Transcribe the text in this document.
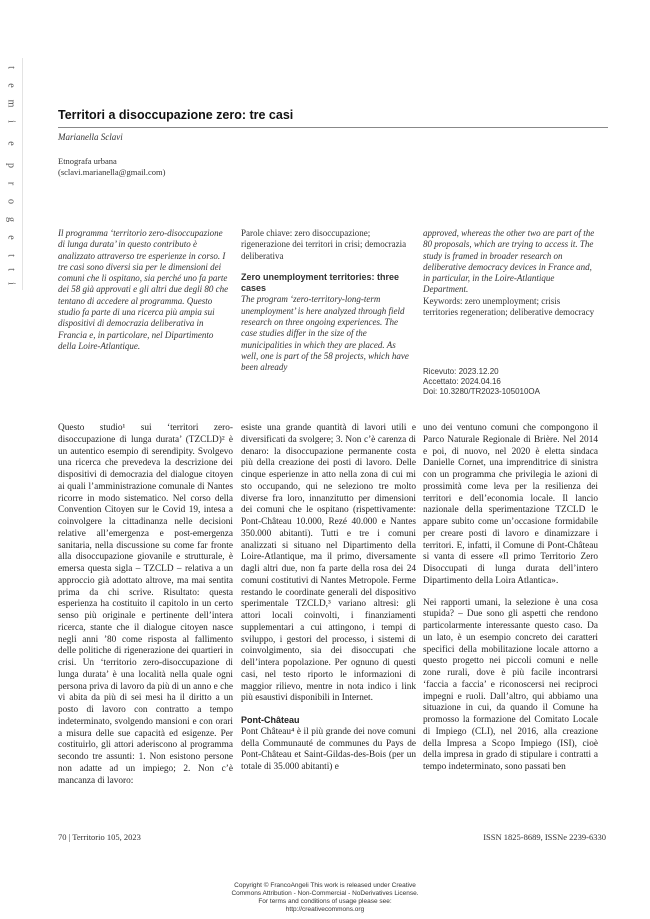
t
e
m
i
e
p
r
o
g
e
t
t
i
Territori a disoccupazione zero: tre casi
Marianella Sclavi
Etnografa urbana
(sclavi.marianella@gmail.com)
Il programma ‘territorio zero-disoccupazione di lunga durata’ in questo contributo è analizzato attraverso tre esperienze in corso. I tre casi sono diversi sia per le dimensioni dei comuni che li ospitano, sia perché uno fa parte dei 58 già approvati e gli altri due degli 80 che tentano di accedere al programma. Questo studio fa parte di una ricerca più ampia sui dispositivi di democrazia deliberativa in Francia e, in particolare, nel Dipartimento della Loire-Atlantique.
Parole chiave: zero disoccupazione; rigenerazione dei territori in crisi; democrazia deliberativa
Zero unemployment territories: three cases
The program ‘zero-territory-long-term unemployment’ is here analyzed through field research on three ongoing experiences. The case studies differ in the size of the municipalities in which they are placed. As well, one is part of the 58 projects, which have been already
approved, whereas the other two are part of the 80 proposals, which are trying to access it. The study is framed in broader research on deliberative democracy devices in France and, in particular, in the Loire-Atlantique Department.
Keywords: zero unemployment; crisis territories regeneration; deliberative democracy
Ricevuto: 2023.12.20
Accettato: 2024.04.16
Doi: 10.3280/TR2023-105010OA
Questo studio¹ sui ‘territori zero-disoccupazione di lunga durata’ (TZCLD)² è un autentico esempio di serendipity. Svolgevo una ricerca che prevedeva la descrizione dei dispositivi di democrazia del dialogue citoyen ai quali l’amministrazione comunale di Nantes ricorre in modo sistematico. Nel corso della Convention Citoyen sur le Covid 19, intesa a coinvolgere la cittadinanza nelle decisioni relative all’emergenza e post-emergenza sanitaria, nella discussione su come far fronte alla disoccupazione giovanile e strutturale, è emersa questa sigla – TZCLD – relativa a un approccio già adottato altrove, ma mai sentita prima da chi scrive. Risultato: questa esperienza ha costituito il capitolo in un certo senso più originale e pertinente dell’intera ricerca, stante che il dialogue citoyen nasce negli anni ’80 come risposta al fallimento delle politiche di rigenerazione dei quartieri in crisi. Un ‘territorio zero-disoccupazione di lunga durata’ è una località nella quale ogni persona priva di lavoro da più di un anno e che vi abita da più di sei mesi ha il diritto a un posto di lavoro con contratto a tempo indeterminato, svolgendo mansioni e con orari a misura delle sue capacità ed esigenze. Per costituirlo, gli attori aderiscono al programma secondo tre assunti: 1. Non esistono persone non adatte ad un impiego; 2. Non c’è mancanza di lavoro:
esiste una grande quantità di lavori utili e diversificati da svolgere; 3. Non c’è carenza di denaro: la disoccupazione permanente costa più della creazione dei posti di lavoro. Delle cinque esperienze in atto nella zona di cui mi sto occupando, qui ne seleziono tre molto diverse fra loro, innanzitutto per dimensioni dei comuni che le ospitano (rispettivamente: Pont-Château 10.000, Rezé 40.000 e Nantes 350.000 abitanti). Tutti e tre i comuni analizzati si situano nel Dipartimento della Loire-Atlantique, ma il primo, diversamente dagli altri due, non fa parte della rosa dei 24 comuni costitutivi di Nantes Metropole. Ferme restando le coordinate generali del dispositivo sperimentale TZCLD,³ variano altresì: gli attori locali coinvolti, i finanziamenti supplementari a cui attingono, i tempi di sviluppo, i gestori del processo, i sistemi di coinvolgimento, sia dei disoccupati che dell’intera popolazione. Per ognuno di questi casi, nel testo riporto le informazioni di maggior rilievo, mentre in nota indico i link più esaustivi disponibili in Internet.
Pont-Château
Pont Château⁴ è il più grande dei nove comuni della Communauté de communes du Pays de Pont-Château et Saint-Gildas-des-Bois (per un totale di 35.000 abitanti) e
uno dei ventuno comuni che compongono il Parco Naturale Regionale di Brière. Nel 2014 e poi, di nuovo, nel 2020 è eletta sindaca Danielle Cornet, una imprenditrice di sinistra con un programma che privilegia le azioni di prossimità come leva per la resilienza dei territori e dell’economia locale. Il lancio nazionale della sperimentazione TZCLD le appare subito come un’occasione formidabile per creare posti di lavoro e dinamizzare i territori. E, infatti, il Comune di Pont-Château si vanta di essere «Il primo Territorio Zero Disoccupati di lunga durata dell’intero Dipartimento della Loira Atlantica».
Nei rapporti umani, la selezione è una cosa stupida? – Due sono gli aspetti che rendono particolarmente interessante questo caso. Da un lato, è un esempio concreto dei caratteri specifici della mobilitazione locale attorno a questo progetto nei piccoli comuni e nelle zone rurali, dove è più facile incontrarsi ‘faccia a faccia’ e riconoscersi nei reciproci impegni e ruoli. Dall’altro, qui abbiamo una situazione in cui, da quando il Comune ha promosso la formazione del Comitato Locale di Impiego (CLI), nel 2016, alla creazione della Impresa a Scopo Impiego (ISI), cioè della impresa in grado di stipulare i contratti a tempo indeterminato, sono passati ben
70 | Territorio 105, 2023	ISSN 1825-8689, ISSNe 2239-6330
Copyright © FrancoAngeli This work is released under Creative
Commons Attribution - Non-Commercial - NoDerivatives License.
For terms and conditions of usage please see:
http://creativecommons.org
